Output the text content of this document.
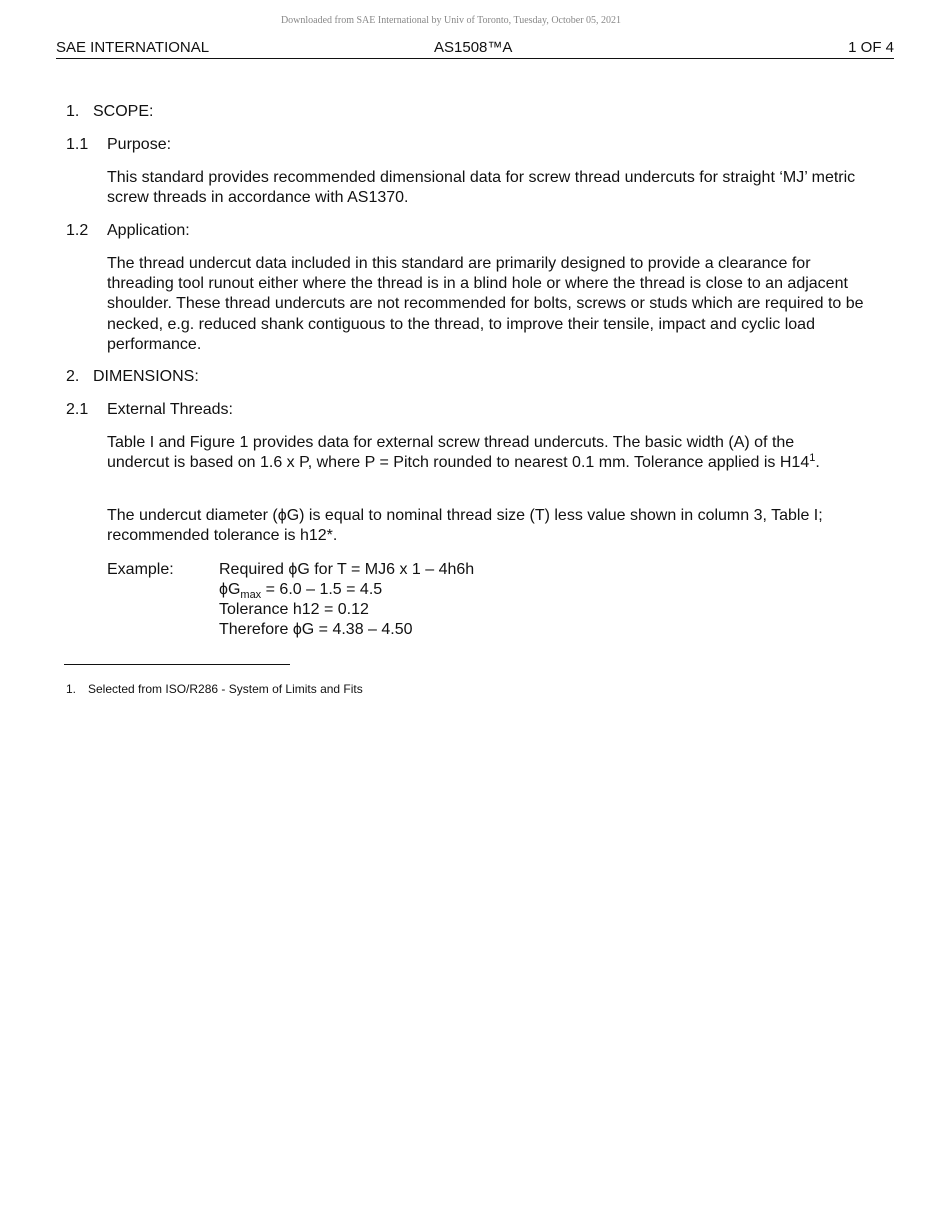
Downloaded from SAE International by Univ of Toronto, Tuesday, October 05, 2021
SAE INTERNATIONAL	AS1508™A	1 OF 4
1. SCOPE:
1.1 Purpose:

This standard provides recommended dimensional data for screw thread undercuts for straight ‘MJ’ metric screw threads in accordance with AS1370.

1.2 Application:

The thread undercut data included in this standard are primarily designed to provide a clearance for threading tool runout either where the thread is in a blind hole or where the thread is close to an adjacent shoulder. These thread undercuts are not recommended for bolts, screws or studs which are required to be necked, e.g. reduced shank contiguous to the thread, to improve their tensile, impact and cyclic load performance.

2. DIMENSIONS:
2.1 External Threads:

Table I and Figure 1 provides data for external screw thread undercuts. The basic width (A) of the undercut is based on 1.6 x P, where P = Pitch rounded to nearest 0.1 mm. Tolerance applied is $H14^1$.

The undercut diameter (ϕG) is equal to nominal thread size (T) less value shown in column 3, Table I; recommended tolerance is h12*.

Example:	Required ϕG for T = MJ6 x 1 – 4h6h
$\phi G_{max} = 6.0 - 1.5 = 4.5$
Tolerance h12 = 0.12
Therefore ϕG = 4.38 – 4.50
1. Selected from ISO/R286 - System of Limits and Fits
